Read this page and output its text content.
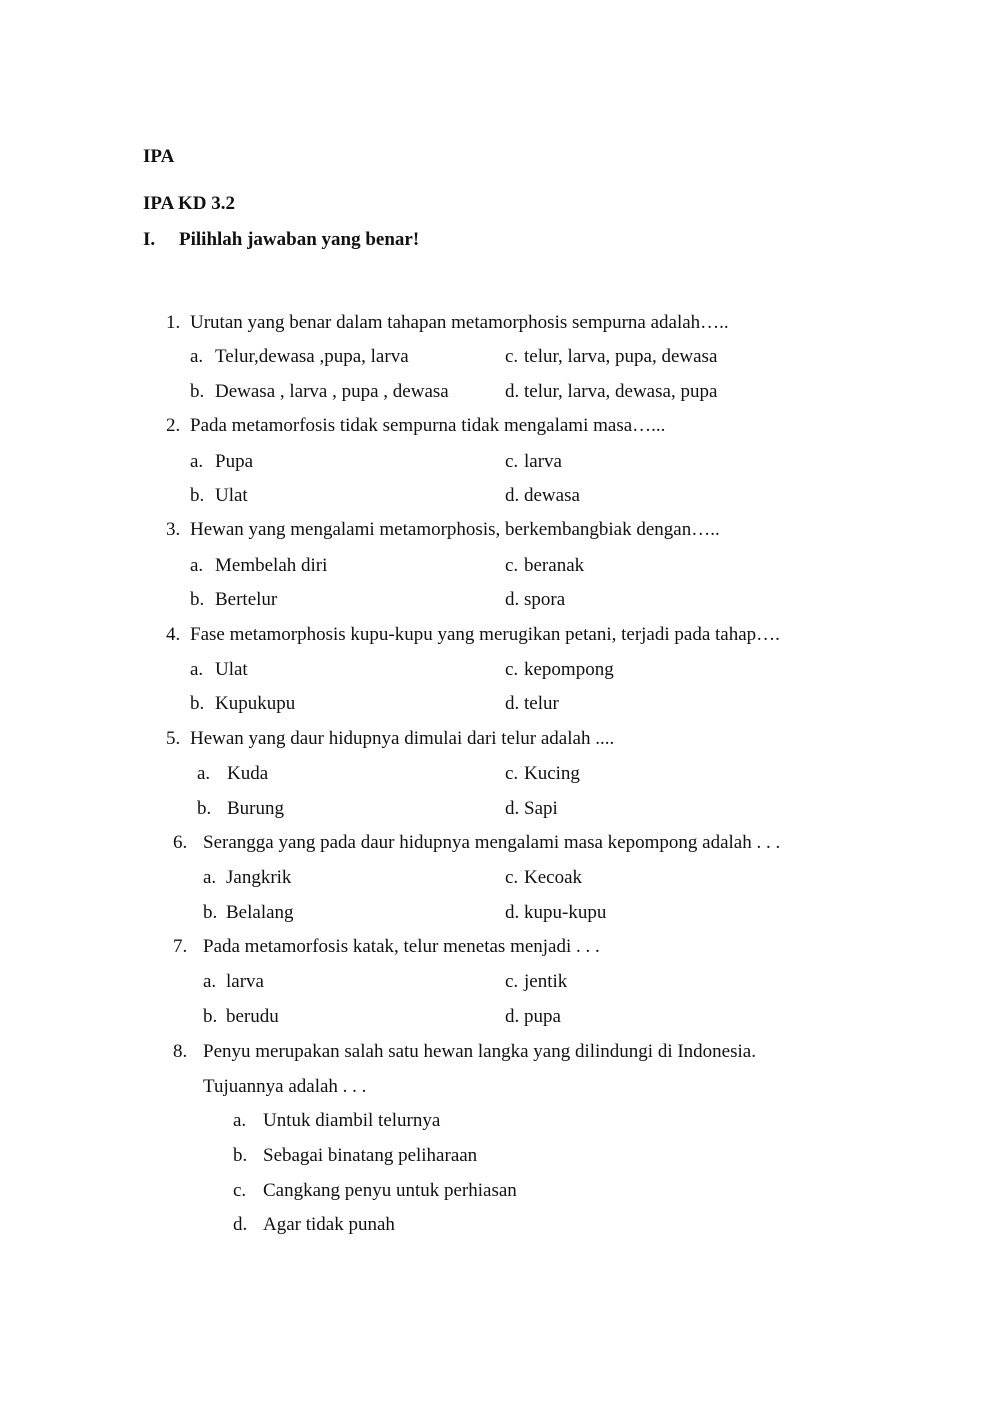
IPA
IPA KD 3.2
I. Pilihlah jawaban yang benar!
1. Urutan yang benar dalam tahapan metamorphosis sempurna adalah…..
a. Telur,dewasa ,pupa, larva
b. Dewasa , larva , pupa , dewasa
c. telur, larva, pupa, dewasa
d. telur, larva, dewasa, pupa
2. Pada metamorfosis tidak sempurna tidak mengalami masa…...
a. Pupa
b. Ulat
c. larva
d. dewasa
3. Hewan yang mengalami metamorphosis, berkembangbiak dengan…..
a. Membelah diri
b. Bertelur
c. beranak
d. spora
4. Fase metamorphosis kupu-kupu yang merugikan petani, terjadi pada tahap….
a. Ulat
b. Kupukupu
c. kepompong
d. telur
5. Hewan yang daur hidupnya dimulai dari telur adalah ....
a. Kuda
b. Burung
c. Kucing
d. Sapi
6. Serangga yang pada daur hidupnya mengalami masa kepompong adalah . . .
a. Jangkrik
b. Belalang
c. Kecoak
d. kupu-kupu
7. Pada metamorfosis katak, telur menetas menjadi . . .
a. larva
b. berudu
c. jentik
d. pupa
8. Penyu merupakan salah satu hewan langka yang dilindungi di Indonesia.
Tujuannya adalah . . .
a. Untuk diambil telurnya
b. Sebagai binatang peliharaan
c. Cangkang penyu untuk perhiasan
d. Agar tidak punah
